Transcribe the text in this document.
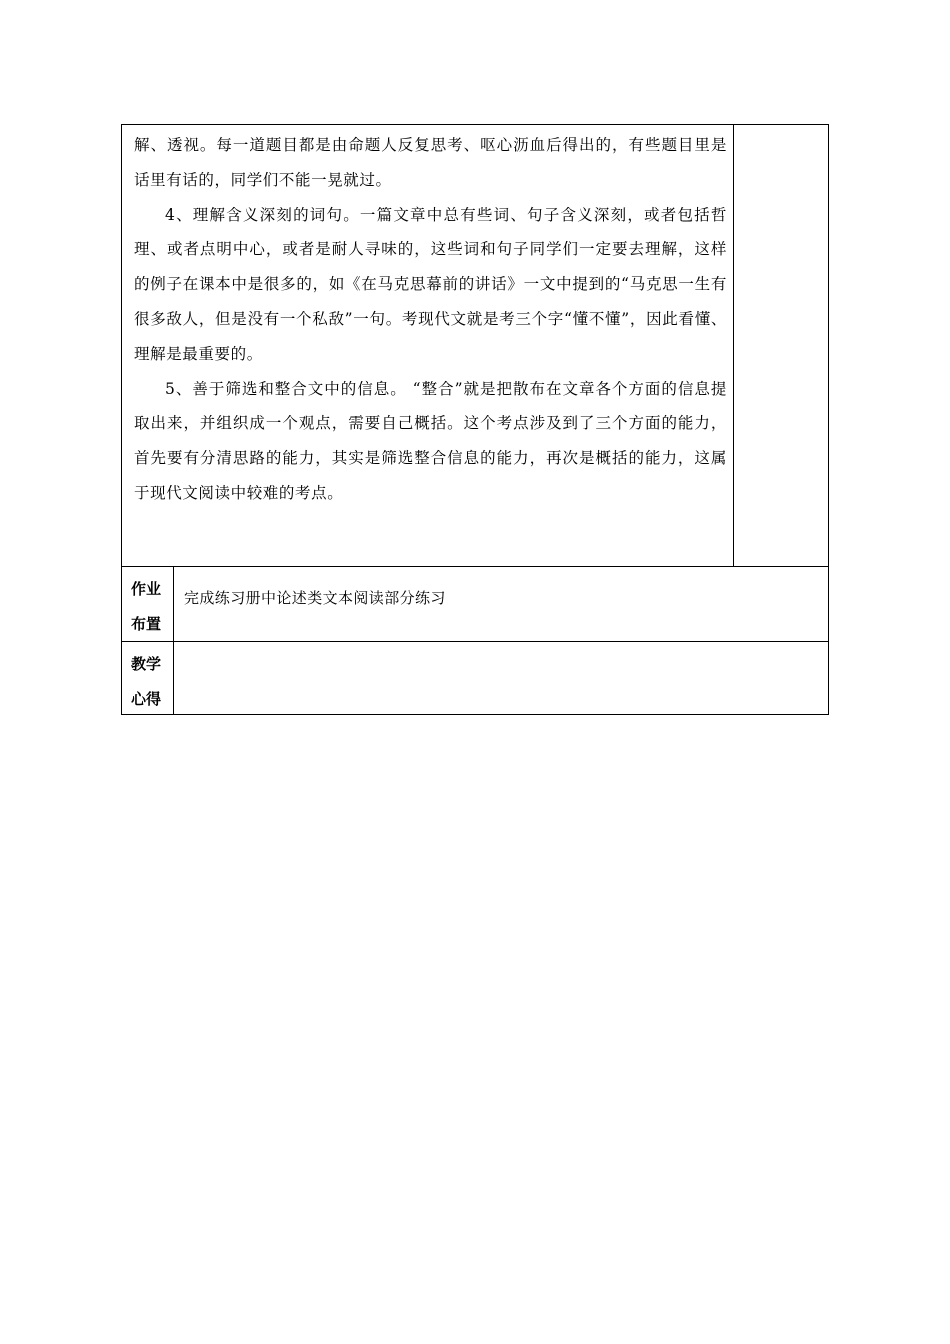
解、透视。每一道题目都是由命题人反复思考、呕心沥血后得出的，有些题目里是话里有话的，同学们不能一晃就过。

4、理解含义深刻的词句。一篇文章中总有些词、句子含义深刻，或者包括哲理、或者点明中心，或者是耐人寻味的，这些词和句子同学们一定要去理解，这样的例子在课本中是很多的，如《在马克思幕前的讲话》一文中提到的“马克思一生有很多敌人，但是没有一个私敌”一句。考现代文就是考三个字“懂不懂”，因此看懂、理解是最重要的。

5、善于筛选和整合文中的信息。 “整合”就是把散布在文章各个方面的信息提取出来，并组织成一个观点，需要自己概括。这个考点涉及到了三个方面的能力，首先要有分清思路的能力，其实是筛选整合信息的能力，再次是概括的能力，这属于现代文阅读中较难的考点。

作业布置
完成练习册中论述类文本阅读部分练习
教学心得
